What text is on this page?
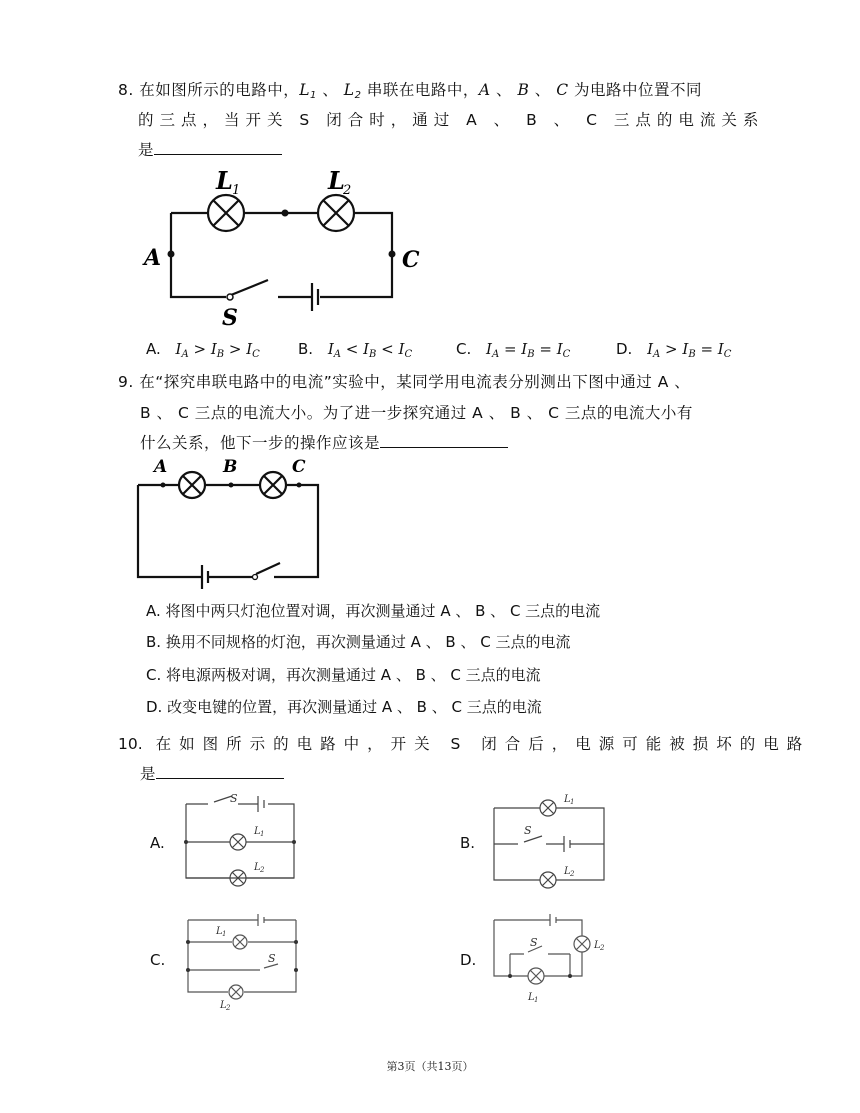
8. 在如图所示的电路中，$L_1$ 、 $L_2$ 串联在电路中，A 、 B 、 C 为电路中位置不同
的三点，当开关 S 闭合时，通过 A 、 B 、 C 三点的电流关系
是
L 1	L
2
A	C
S
A. $I_A > I_B > I_C$	B. $I_A < I_B < I_C$	C. $I_A = I_B = I_C$	D. $I_A > I_B = I_C$
9. 在“探究串联电路中的电流”实验中，某同学用电流表分别测出下图中通过 A 、
B 、 C 三点的电流大小。为了进一步探究通过 A 、 B 、 C 三点的电流大小有
什么关系，他下一步的操作应该是
A	B	C
A. 将图中两只灯泡位置对调，再次测量通过 A 、 B 、 C 三点的电流
B. 换用不同规格的灯泡，再次测量通过 A 、 B 、 C 三点的电流
C. 将电源两极对调，再次测量通过 A 、 B 、 C 三点的电流
D. 改变电键的位置，再次测量通过 A 、 B 、 C 三点的电流
10. 在如图所示的电路中，开关 S 闭合后，电源可能被损坏的电路
是
A.
S
L 1
L 2
B.
L 1
S
L 2
C.
L 1
S
L 2
D.
S	L 2
L 1
第3页（共13页）
